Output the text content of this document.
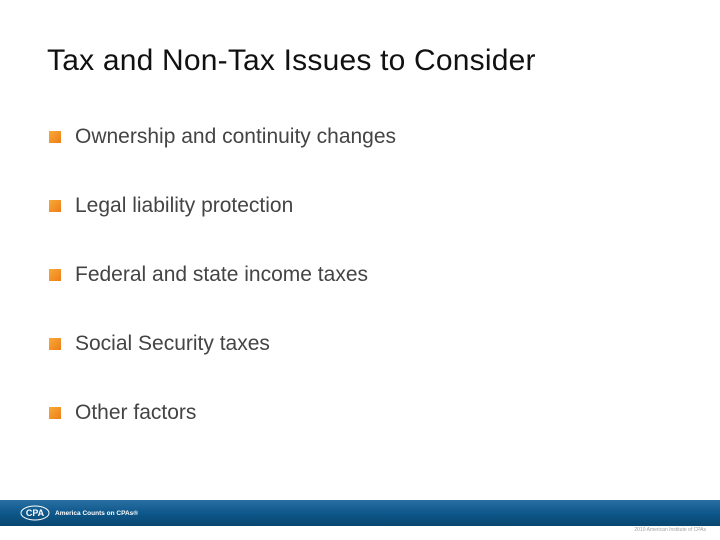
Tax and Non-Tax Issues to Consider
Ownership and continuity changes
Legal liability protection
Federal and state income taxes
Social Security taxes
Other factors
CPA America Counts on CPAs®
2010 American Institute of CPAs
